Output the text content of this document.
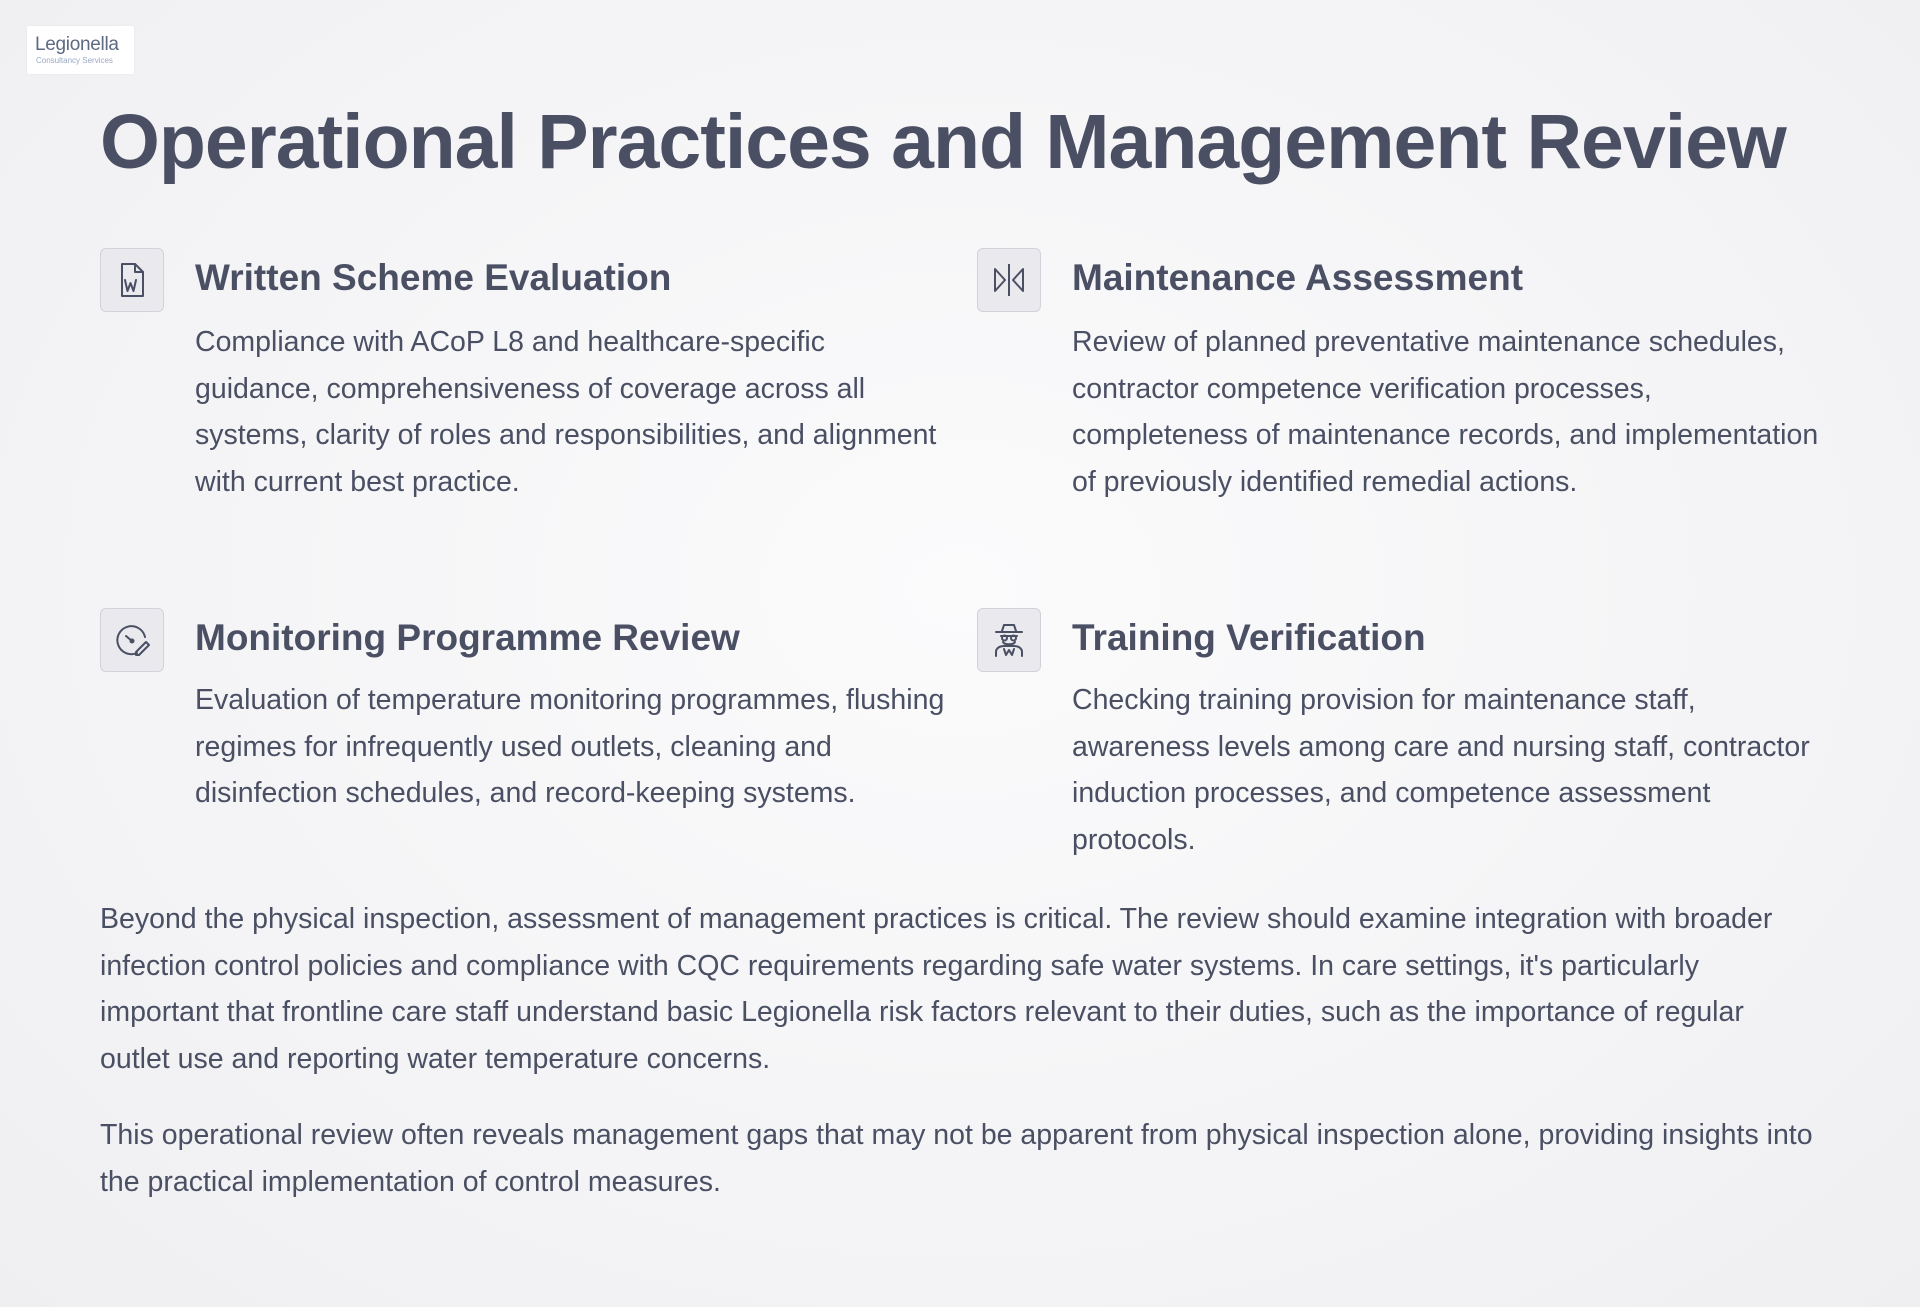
Legionella
Consultancy Services
Operational Practices and Management Review
Written Scheme Evaluation

Compliance with ACoP L8 and healthcare-specific guidance, comprehensiveness of coverage across all systems, clarity of roles and responsibilities, and alignment with current best practice.

Maintenance Assessment

Review of planned preventative maintenance schedules, contractor competence verification processes, completeness of maintenance records, and implementation of previously identified remedial actions.

Monitoring Programme Review

Evaluation of temperature monitoring programmes, flushing regimes for infrequently used outlets, cleaning and disinfection schedules, and record-keeping systems.

Training Verification

Checking training provision for maintenance staff, awareness levels among care and nursing staff, contractor induction processes, and competence assessment protocols.

Beyond the physical inspection, assessment of management practices is critical. The review should examine integration with broader infection control policies and compliance with CQC requirements regarding safe water systems. In care settings, it's particularly important that frontline care staff understand basic Legionella risk factors relevant to their duties, such as the importance of regular outlet use and reporting water temperature concerns.

This operational review often reveals management gaps that may not be apparent from physical inspection alone, providing insights into the practical implementation of control measures.
